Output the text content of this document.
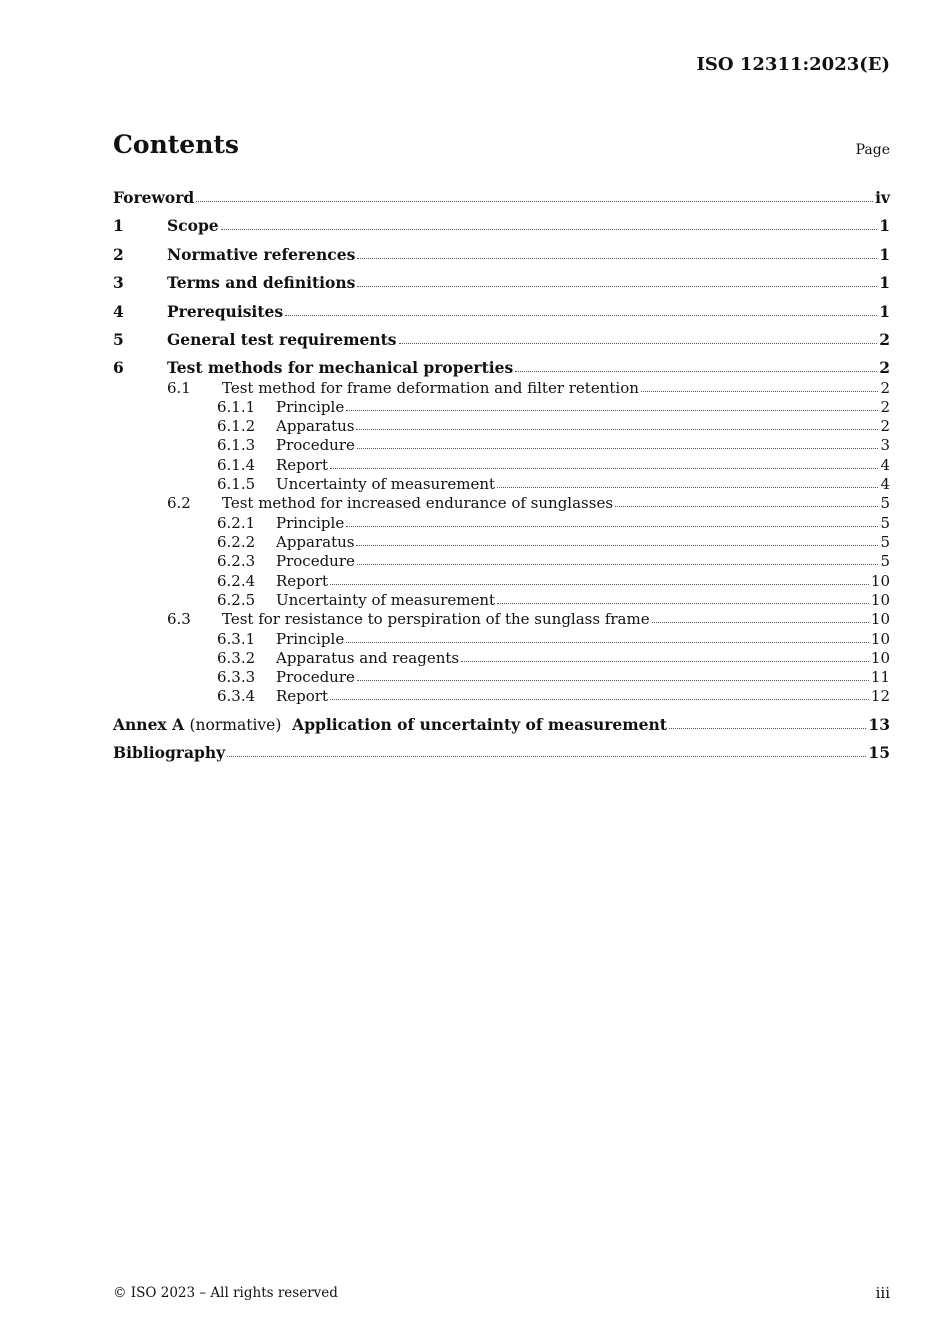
ISO 12311:2023(E)
Contents	Page
Foreword	iv
1	Scope	1
2	Normative references	1
3	Terms and definitions	1
4	Prerequisites	1
5	General test requirements	2
6	Test methods for mechanical properties	2
6.1	Test method for frame deformation and filter retention	2
6.1.1	Principle	2
6.1.2	Apparatus	2
6.1.3	Procedure	3
6.1.4	Report	4
6.1.5	Uncertainty of measurement	4
6.2	Test method for increased endurance of sunglasses	5
6.2.1	Principle	5
6.2.2	Apparatus	5
6.2.3	Procedure	5
6.2.4	Report	10
6.2.5	Uncertainty of measurement	10
6.3	Test for resistance to perspiration of the sunglass frame	10
6.3.1	Principle	10
6.3.2	Apparatus and reagents	10
6.3.3	Procedure	11
6.3.4	Report	12
Annex A (normative) Application of uncertainty of measurement	13
Bibliography	15
© ISO 2023 – All rights reserved	iii
